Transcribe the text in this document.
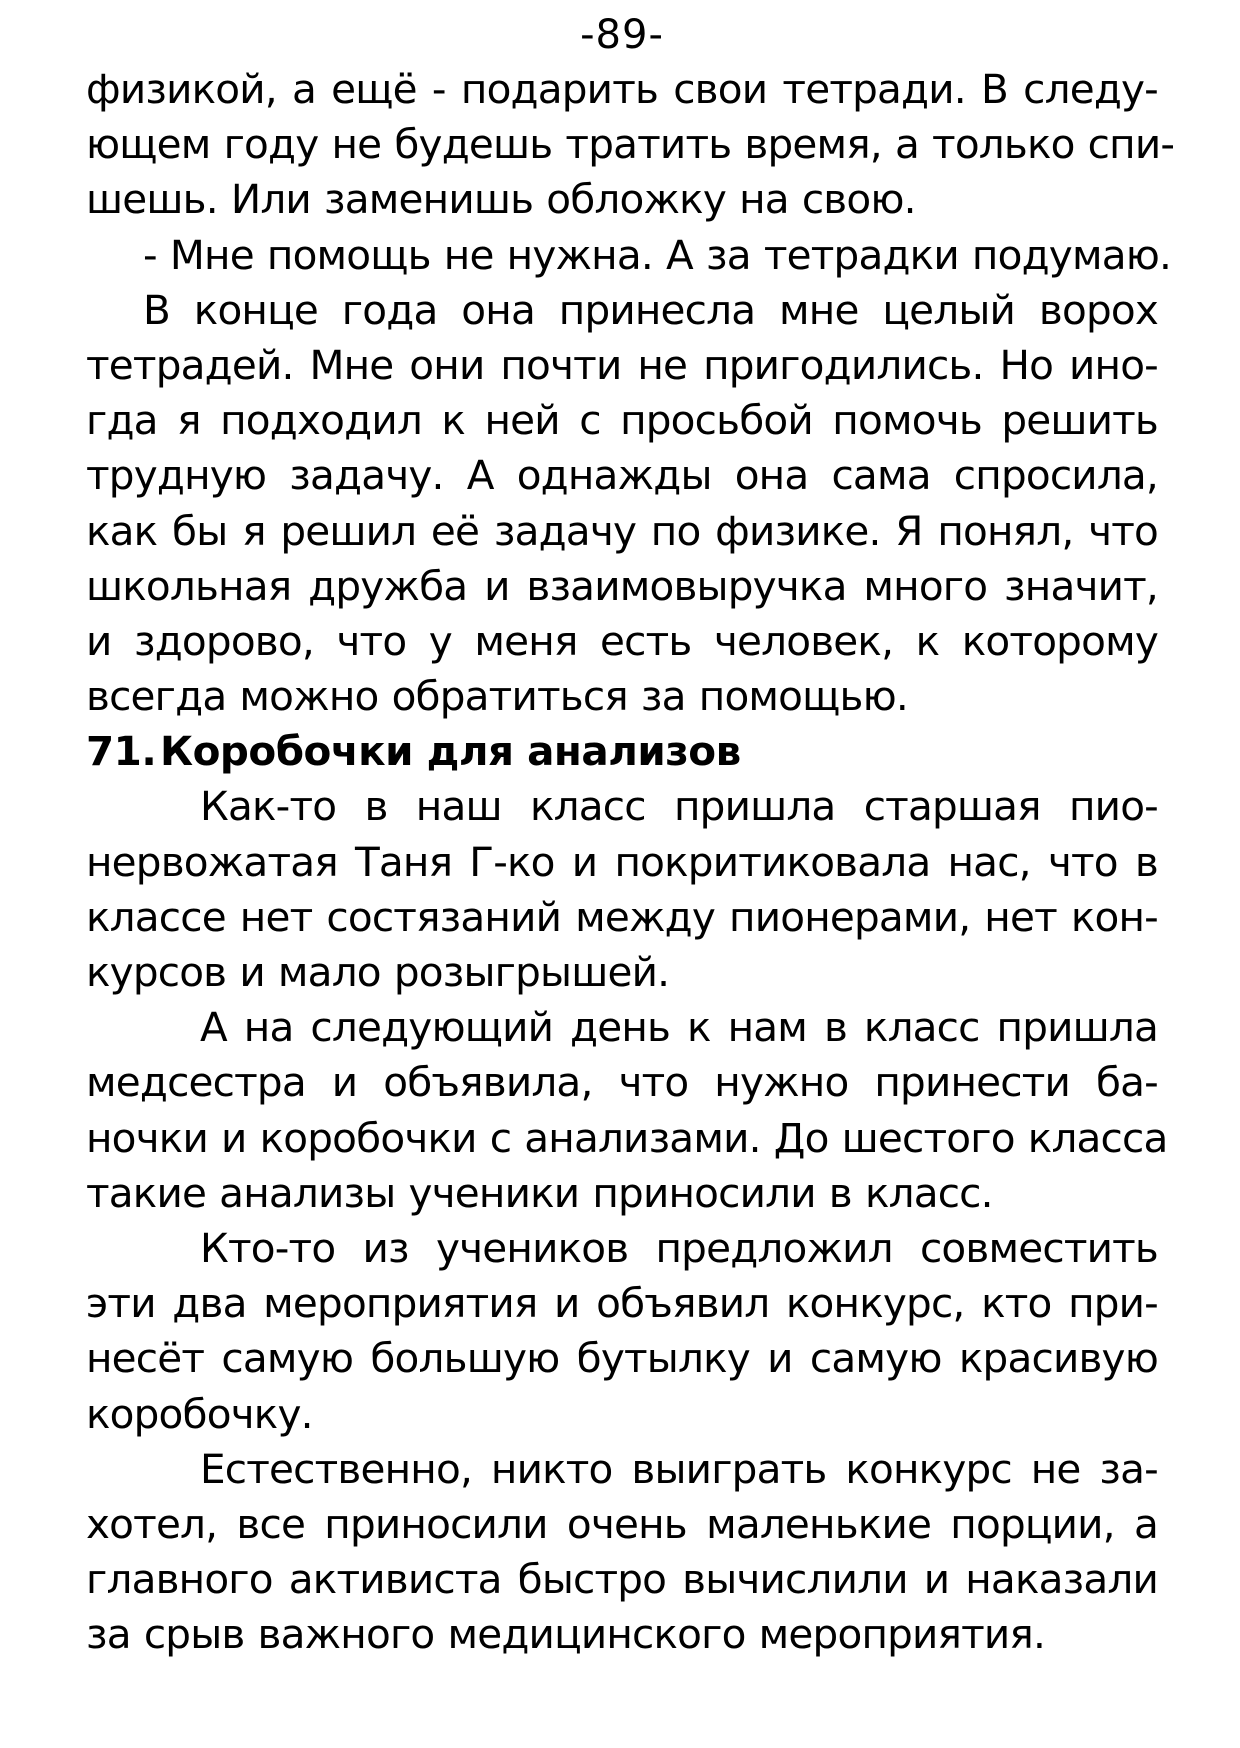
-89-
физикой, а ещё - подарить свои тетради. В следу-
ющем году не будешь тратить время, а только спи-
шешь. Или заменишь обложку на свою.
- Мне помощь не нужна. А за тетрадки подумаю.
В конце года она принесла мне целый ворох
тетрадей. Мне они почти не пригодились. Но ино-
гда я подходил к ней с просьбой помочь решить
трудную задачу. А однажды она сама спросила,
как бы я решил её задачу по физике. Я понял, что
школьная дружба и взаимовыручка много значит,
и здорово, что у меня есть человек, к которому
всегда можно обратиться за помощью.
71.Коробочки для анализов
Как-то в наш класс пришла старшая пио-
нервожатая Таня Г-ко и покритиковала нас, что в
классе нет состязаний между пионерами, нет кон-
курсов и мало розыгрышей.
А на следующий день к нам в класс пришла
медсестра и объявила, что нужно принести ба-
ночки и коробочки с анализами. До шестого класса
такие анализы ученики приносили в класс.
Кто-то из учеников предложил совместить
эти два мероприятия и объявил конкурс, кто при-
несёт самую большую бутылку и самую красивую
коробочку.
Естественно, никто выиграть конкурс не за-
хотел, все приносили очень маленькие порции, а
главного активиста быстро вычислили и наказали
за срыв важного медицинского мероприятия.
